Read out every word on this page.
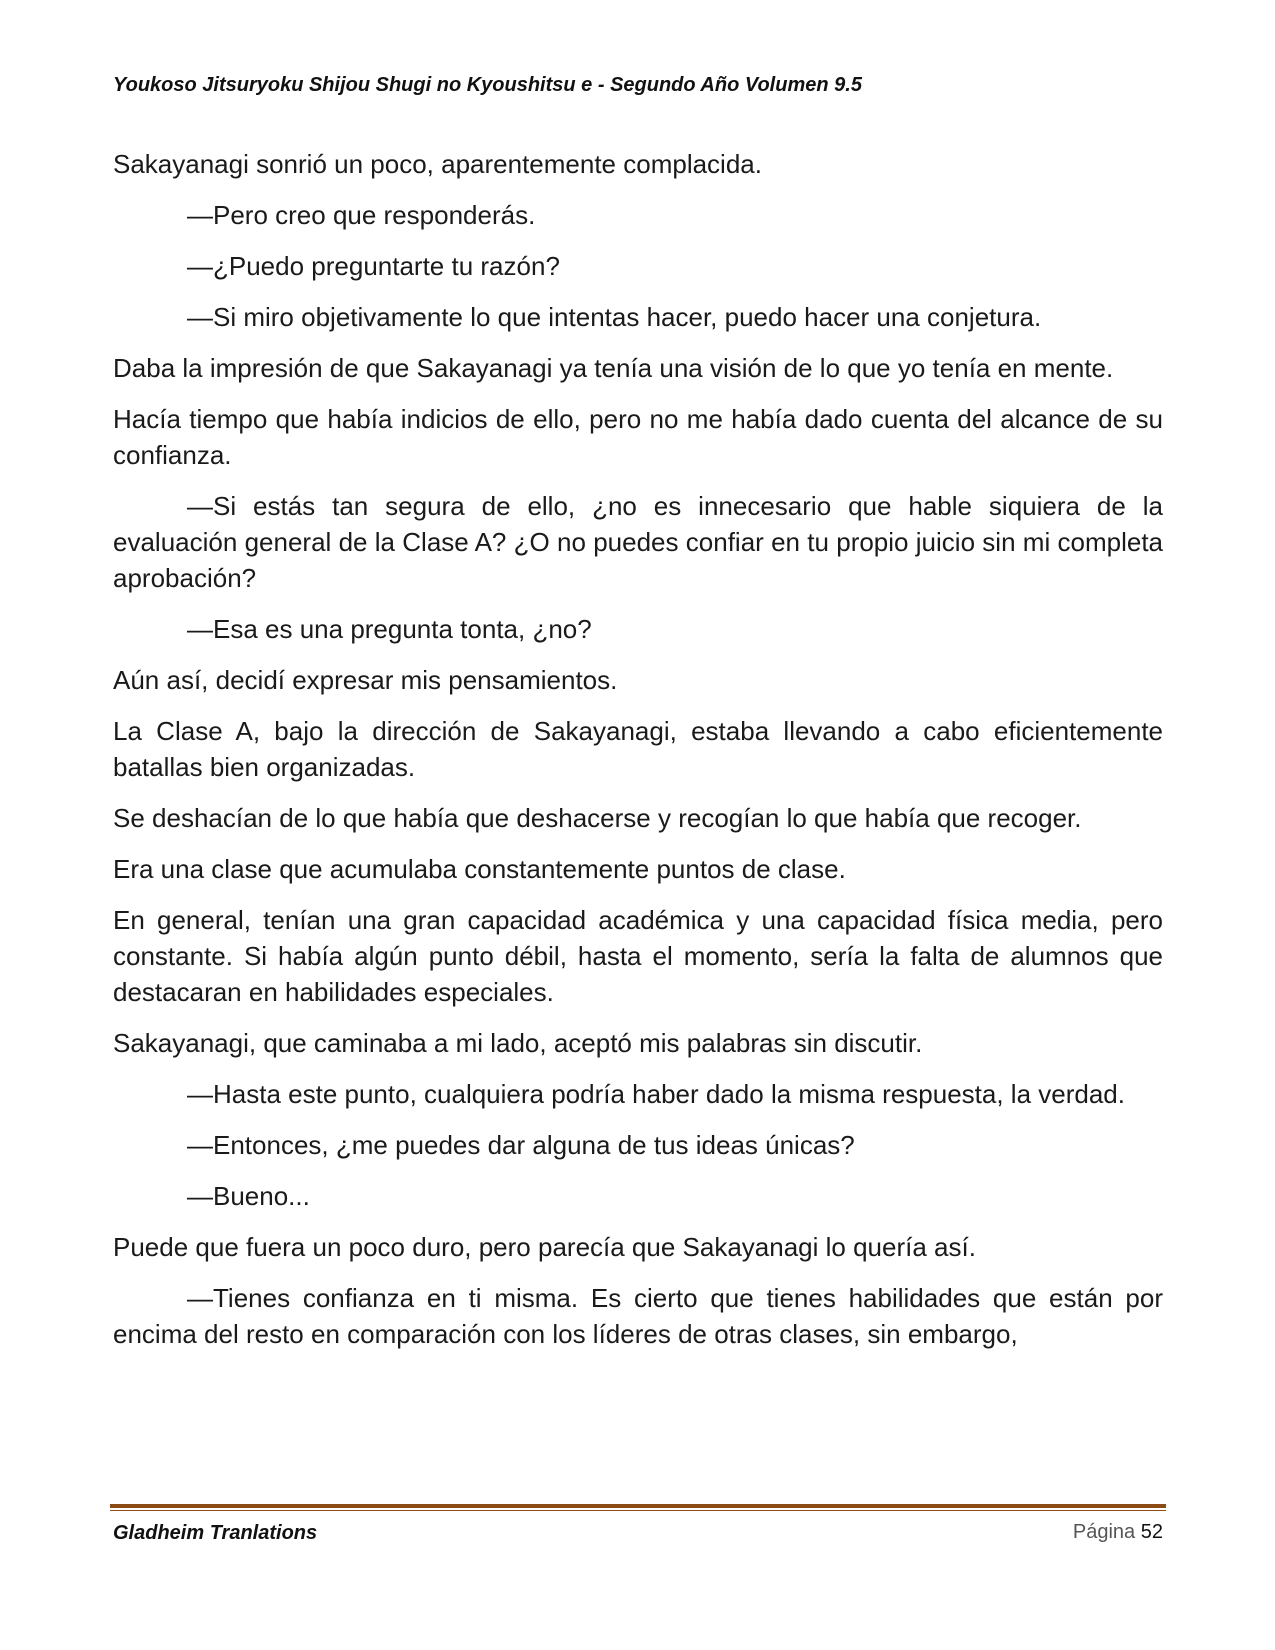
Youkoso Jitsuryoku Shijou Shugi no Kyoushitsu e - Segundo Año Volumen 9.5

Sakayanagi sonrió un poco, aparentemente complacida.

—Pero creo que responderás.

—¿Puedo preguntarte tu razón?

—Si miro objetivamente lo que intentas hacer, puedo hacer una conjetura.

Daba la impresión de que Sakayanagi ya tenía una visión de lo que yo tenía en mente.

Hacía tiempo que había indicios de ello, pero no me había dado cuenta del alcance de su confianza.

—Si estás tan segura de ello, ¿no es innecesario que hable siquiera de la evaluación general de la Clase A? ¿O no puedes confiar en tu propio juicio sin mi completa aprobación?

—Esa es una pregunta tonta, ¿no?

Aún así, decidí expresar mis pensamientos.

La Clase A, bajo la dirección de Sakayanagi, estaba llevando a cabo eficientemente batallas bien organizadas.

Se deshacían de lo que había que deshacerse y recogían lo que había que recoger.

Era una clase que acumulaba constantemente puntos de clase.

En general, tenían una gran capacidad académica y una capacidad física media, pero constante. Si había algún punto débil, hasta el momento, sería la falta de alumnos que destacaran en habilidades especiales.

Sakayanagi, que caminaba a mi lado, aceptó mis palabras sin discutir.

—Hasta este punto, cualquiera podría haber dado la misma respuesta, la verdad.

—Entonces, ¿me puedes dar alguna de tus ideas únicas?

—Bueno...

Puede que fuera un poco duro, pero parecía que Sakayanagi lo quería así.

—Tienes confianza en ti misma. Es cierto que tienes habilidades que están por encima del resto en comparación con los líderes de otras clases, sin embargo,

Gladheim Tranlations	Página 52
